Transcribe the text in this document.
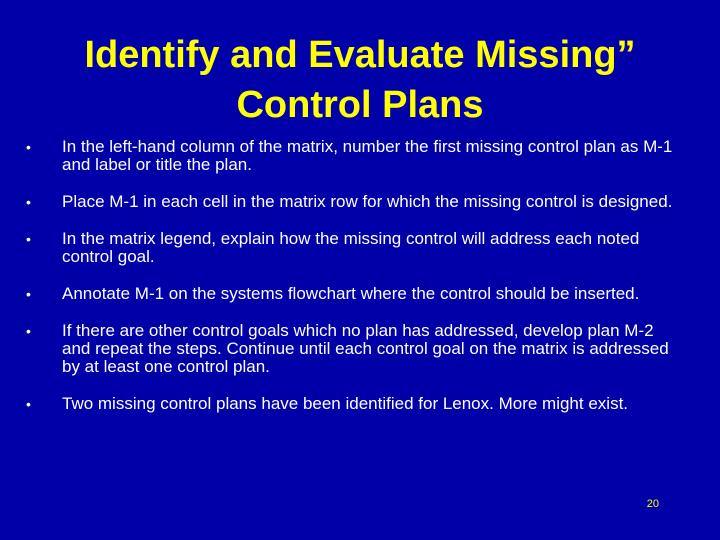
Identify and Evaluate Missing”
Control Plans
• In the left-hand column of the matrix, number the first missing control plan as M-1 and label or title the plan.
• Place M-1 in each cell in the matrix row for which the missing control is designed.
• In the matrix legend, explain how the missing control will address each noted control goal.
• Annotate M-1 on the systems flowchart where the control should be inserted.
• If there are other control goals which no plan has addressed, develop plan M-2 and repeat the steps. Continue until each control goal on the matrix is addressed by at least one control plan.
• Two missing control plans have been identified for Lenox. More might exist.
20
